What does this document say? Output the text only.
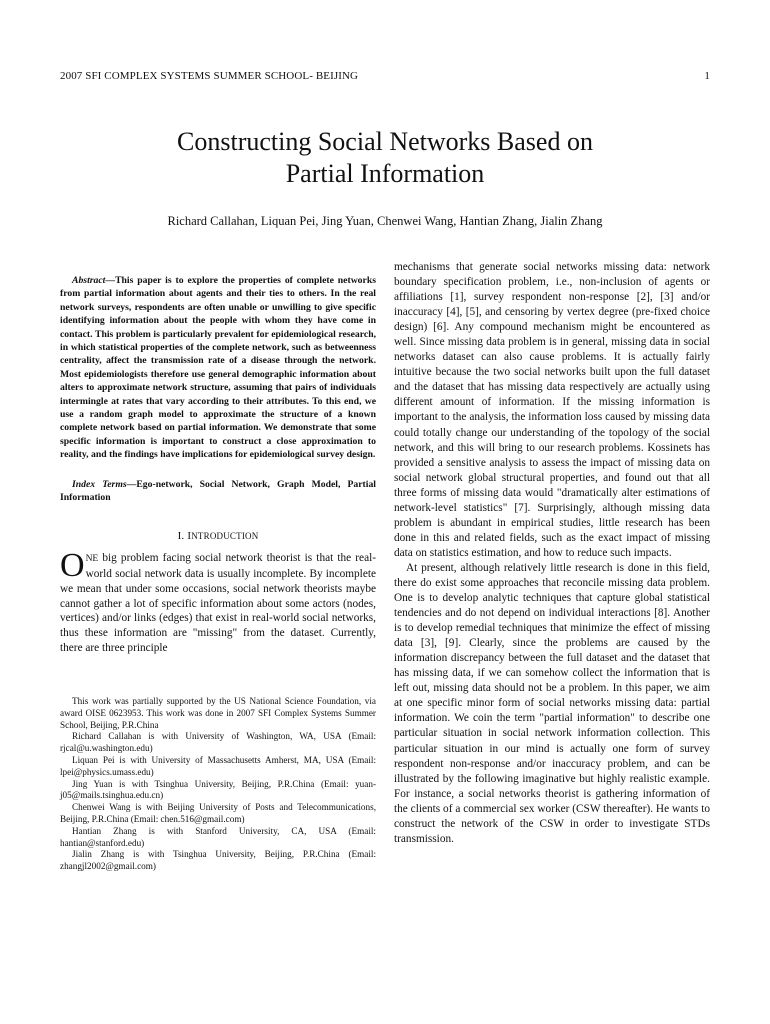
2007 SFI COMPLEX SYSTEMS SUMMER SCHOOL- BEIJING	1
Constructing Social Networks Based on
Partial Information
Richard Callahan, Liquan Pei, Jing Yuan, Chenwei Wang, Hantian Zhang, Jialin Zhang

Abstract—This paper is to explore the properties of complete networks from partial information about agents and their ties to others. In the real network surveys, respondents are often unable or unwilling to give specific identifying information about the people with whom they have come in contact. This problem is particularly prevalent for epidemiological research, in which statistical properties of the complete network, such as betweenness centrality, affect the transmission rate of a disease through the network. Most epidemiologists therefore use general demographic information about alters to approximate network structure, assuming that pairs of individuals intermingle at rates that vary according to their attributes. To this end, we use a random graph model to approximate the structure of a known complete network based on partial information. We demonstrate that some specific information is important to construct a close approximation to reality, and the findings have implications for epidemiological survey design.

Index Terms—Ego-network, Social Network, Graph Model, Partial Information

I. INTRODUCTION

ONE big problem facing social network theorist is that the real-world social network data is usually incomplete. By incomplete we mean that under some occasions, social network theorists maybe cannot gather a lot of specific information about some actors (nodes, vertices) and/or links (edges) that exist in real-world social networks, thus these information are "missing" from the dataset. Currently, there are three principle

This work was partially supported by the US National Science Foundation, via award OISE 0623953. This work was done in 2007 SFI Complex Systems Summer School, Beijing, P.R.China

Richard Callahan is with University of Washington, WA, USA (Email: rjcal@u.washington.edu)

Liquan Pei is with University of Massachusetts Amherst, MA, USA (Email: lpei@physics.umass.edu)

Jing Yuan is with Tsinghua University, Beijing, P.R.China (Email: yuan-j05@mails.tsinghua.edu.cn)

Chenwei Wang is with Beijing University of Posts and Telecommunications, Beijing, P.R.China (Email: chen.516@gmail.com)

Hantian Zhang is with Stanford University, CA, USA (Email: hantian@stanford.edu)

Jialin Zhang is with Tsinghua University, Beijing, P.R.China (Email: zhangjl2002@gmail.com)

mechanisms that generate social networks missing data: network boundary specification problem, i.e., non-inclusion of agents or affiliations [1], survey respondent non-response [2], [3] and/or inaccuracy [4], [5], and censoring by vertex degree (pre-fixed choice design) [6]. Any compound mechanism might be encountered as well. Since missing data problem is in general, missing data in social networks dataset can also cause problems. It is actually fairly intuitive because the two social networks built upon the full dataset and the dataset that has missing data respectively are actually using different amount of information. If the missing information is important to the analysis, the information loss caused by missing data could totally change our understanding of the topology of the social network, and this will bring to our research problems. Kossinets has provided a sensitive analysis to assess the impact of missing data on social network global structural properties, and found out that all three forms of missing data would "dramatically alter estimations of network-level statistics" [7]. Surprisingly, although missing data problem is abundant in empirical studies, little research has been done in this and related fields, such as the exact impact of missing data on statistics estimation, and how to reduce such impacts.

At present, although relatively little research is done in this field, there do exist some approaches that reconcile missing data problem. One is to develop analytic techniques that capture global statistical tendencies and do not depend on individual interactions [8]. Another is to develop remedial techniques that minimize the effect of missing data [3], [9]. Clearly, since the problems are caused by the information discrepancy between the full dataset and the dataset that has missing data, if we can somehow collect the information that is left out, missing data should not be a problem. In this paper, we aim at one specific minor form of social networks missing data: partial information. We coin the term "partial information" to describe one particular situation in social network information collection. This particular situation in our mind is actually one form of survey respondent non-response and/or inaccuracy problem, and can be illustrated by the following imaginative but highly realistic example. For instance, a social networks theorist is gathering information of the clients of a commercial sex worker (CSW thereafter). He wants to construct the network of the CSW in order to investigate STDs transmission.
